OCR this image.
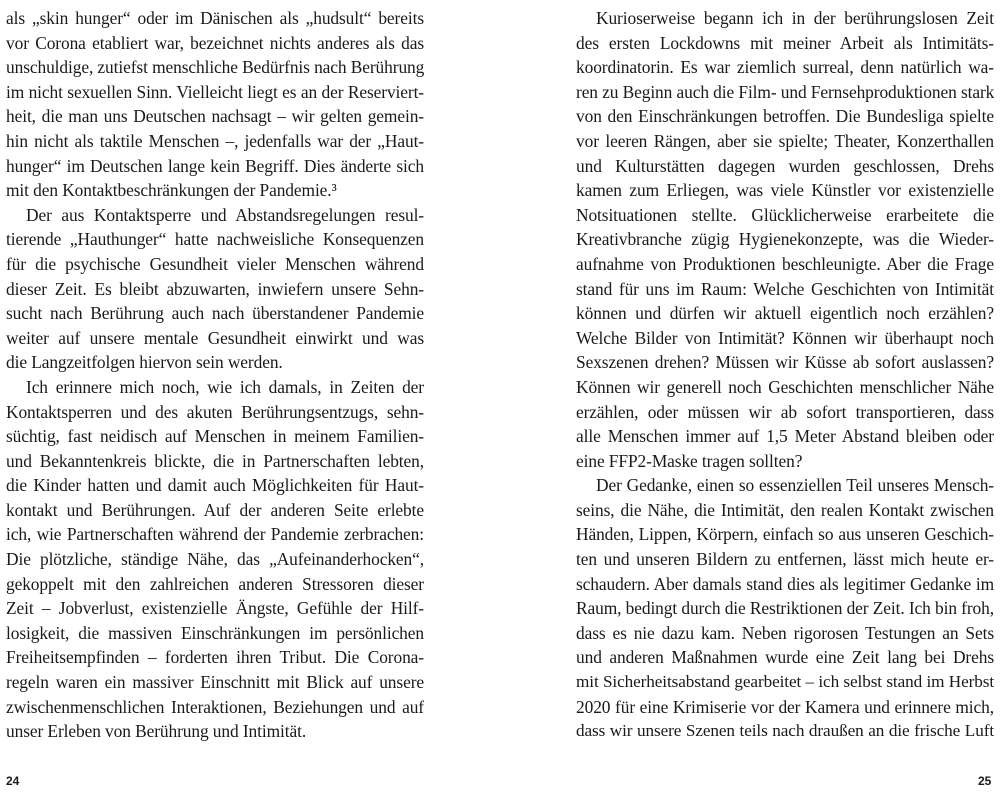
als „skin hunger“ oder im Dänischen als „hudsult“ bereits
vor Corona etabliert war, bezeichnet nichts anderes als das
unschuldige, zutiefst menschliche Bedürfnis nach Berührung
im nicht sexuellen Sinn. Vielleicht liegt es an der Reserviert-
heit, die man uns Deutschen nachsagt – wir gelten gemein-
hin nicht als taktile Menschen –, jedenfalls war der „Haut-
hunger“ im Deutschen lange kein Begriff. Dies änderte sich
mit den Kontaktbeschränkungen der Pandemie.³
Der aus Kontaktsperre und Abstandsregelungen resul-
tierende „Hauthunger“ hatte nachweisliche Konsequenzen
für die psychische Gesundheit vieler Menschen während
dieser Zeit. Es bleibt abzuwarten, inwiefern unsere Sehn-
sucht nach Berührung auch nach überstandener Pandemie
weiter auf unsere mentale Gesundheit einwirkt und was
die Langzeitfolgen hiervon sein werden.
Ich erinnere mich noch, wie ich damals, in Zeiten der
Kontaktsperren und des akuten Berührungsentzugs, sehn-
süchtig, fast neidisch auf Menschen in meinem Familien-
und Bekanntenkreis blickte, die in Partnerschaften lebten,
die Kinder hatten und damit auch Möglichkeiten für Haut-
kontakt und Berührungen. Auf der anderen Seite erlebte
ich, wie Partnerschaften während der Pandemie zerbrachen:
Die plötzliche, ständige Nähe, das „Aufeinanderhocken“,
gekoppelt mit den zahlreichen anderen Stressoren dieser
Zeit – Jobverlust, existenzielle Ängste, Gefühle der Hilf-
losigkeit, die massiven Einschränkungen im persönlichen
Freiheitsempfinden – forderten ihren Tribut. Die Corona-
regeln waren ein massiver Einschnitt mit Blick auf unsere
zwischenmenschlichen Interaktionen, Beziehungen und auf
unser Erleben von Berührung und Intimität.
24
Kurioserweise begann ich in der berührungslosen Zeit
des ersten Lockdowns mit meiner Arbeit als Intimitäts-
koordinatorin. Es war ziemlich surreal, denn natürlich wa-
ren zu Beginn auch die Film- und Fernsehproduktionen stark
von den Einschränkungen betroffen. Die Bundesliga spielte
vor leeren Rängen, aber sie spielte; Theater, Konzerthallen
und Kulturstätten dagegen wurden geschlossen, Drehs
kamen zum Erliegen, was viele Künstler vor existenzielle
Notsituationen stellte. Glücklicherweise erarbeitete die
Kreativbranche zügig Hygienekonzepte, was die Wieder-
aufnahme von Produktionen beschleunigte. Aber die Frage
stand für uns im Raum: Welche Geschichten von Intimität
können und dürfen wir aktuell eigentlich noch erzählen?
Welche Bilder von Intimität? Können wir überhaupt noch
Sexszenen drehen? Müssen wir Küsse ab sofort auslassen?
Können wir generell noch Geschichten menschlicher Nähe
erzählen, oder müssen wir ab sofort transportieren, dass
alle Menschen immer auf 1,5 Meter Abstand bleiben oder
eine FFP2-Maske tragen sollten?
Der Gedanke, einen so essenziellen Teil unseres Mensch-
seins, die Nähe, die Intimität, den realen Kontakt zwischen
Händen, Lippen, Körpern, einfach so aus unseren Geschich-
ten und unseren Bildern zu entfernen, lässt mich heute er-
schaudern. Aber damals stand dies als legitimer Gedanke im
Raum, bedingt durch die Restriktionen der Zeit. Ich bin froh,
dass es nie dazu kam. Neben rigorosen Testungen an Sets
und anderen Maßnahmen wurde eine Zeit lang bei Drehs
mit Sicherheitsabstand gearbeitet – ich selbst stand im Herbst
2020 für eine Krimiserie vor der Kamera und erinnere mich,
dass wir unsere Szenen teils nach draußen an die frische Luft
25
